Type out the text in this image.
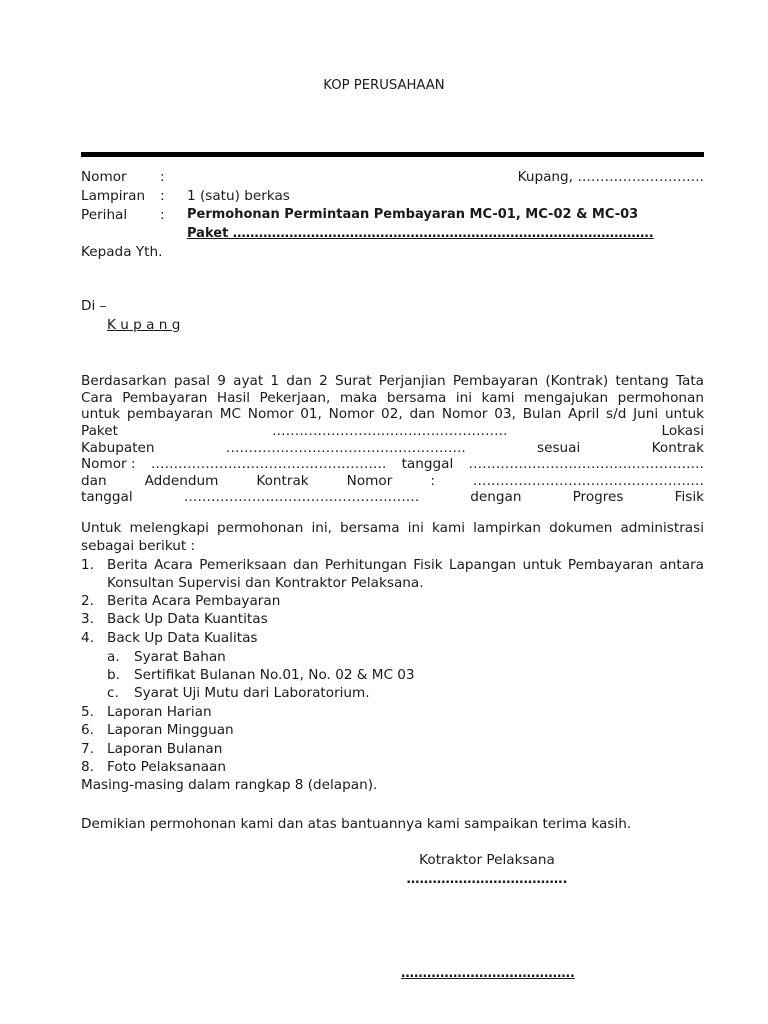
KOP PERUSAHAAN
Nomor :	Kupang, ……………………….
Lampiran : 1 (satu) berkas
Perihal : Permohonan Permintaan Pembayaran MC-01, MC-02 & MC-03
Paket …………………………………………………………………………………….
Kepada Yth.
Di –
K u p a n g
Berdasarkan pasal 9 ayat 1 dan 2 Surat Perjanjian Pembayaran (Kontrak) tentang Tata
Cara Pembayaran Hasil Pekerjaan, maka bersama ini kami mengajukan permohonan
untuk pembayaran MC Nomor 01, Nomor 02, dan Nomor 03, Bulan April s/d Juni untuk
Paket	…………………………………………….	Lokasi
Kabupaten	……………………………………………..	sesuai	Kontrak
Nomor : ……………………………………………. tanggal …………………………………………….
dan	Addendum	Kontrak	Nomor	:	……………………………………………
tanggal	…………………………………………….	dengan	Progres	Fisik
Untuk melengkapi permohonan ini, bersama ini kami lampirkan dokumen administrasi
sebagai berikut :
1. Berita Acara Pemeriksaan dan Perhitungan Fisik Lapangan untuk Pembayaran antara
Konsultan Supervisi dan Kontraktor Pelaksana.
2. Berita Acara Pembayaran
3. Back Up Data Kuantitas
4. Back Up Data Kualitas
a. Syarat Bahan
b. Sertifikat Bulanan No.01, No. 02 & MC 03
c. Syarat Uji Mutu dari Laboratorium.
5. Laporan Harian
6. Laporan Mingguan
7. Laporan Bulanan
8. Foto Pelaksanaan
Masing-masing dalam rangkap 8 (delapan).
Demikian permohonan kami dan atas bantuannya kami sampaikan terima kasih.
Kotraktor Pelaksana
……………………………….
………………………………….
